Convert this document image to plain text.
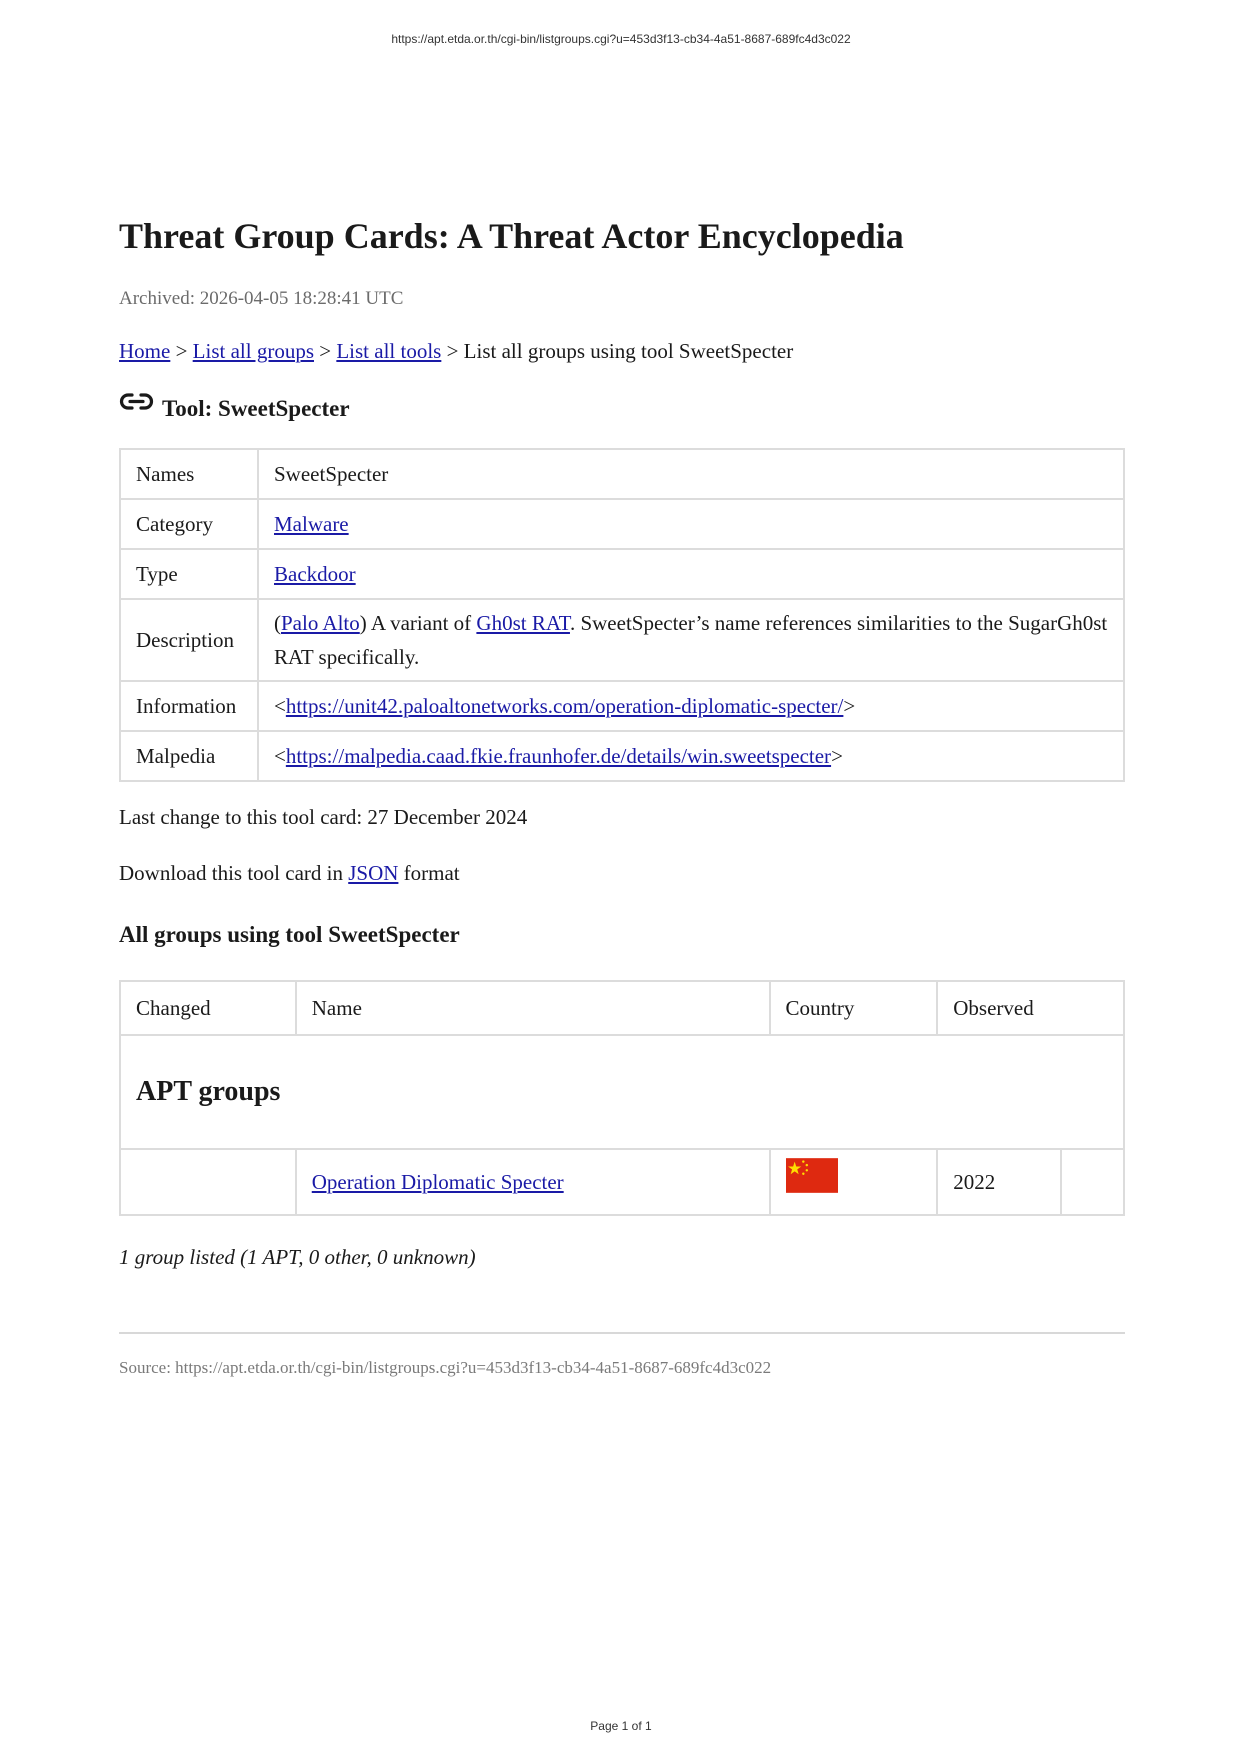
https://apt.etda.or.th/cgi-bin/listgroups.cgi?u=453d3f13-cb34-4a51-8687-689fc4d3c022
Threat Group Cards: A Threat Actor Encyclopedia
Archived: 2026-04-05 18:28:41 UTC
Home > List all groups > List all tools > List all groups using tool SweetSpecter
Tool: SweetSpecter
Names	SweetSpecter
Category	Malware
Type	Backdoor
Description	(Palo Alto) A variant of Gh0st RAT. SweetSpecter’s name references similarities to the SugarGh0st RAT specifically.
Information	<https://unit42.paloaltonetworks.com/operation-diplomatic-specter/>
Malpedia	<https://malpedia.caad.fkie.fraunhofer.de/details/win.sweetspecter>
Last change to this tool card: 27 December 2024
Download this tool card in JSON format
All groups using tool SweetSpecter
Changed	Name	Country	Observed	
APT groups				
	Operation Diplomatic Specter		2022	
1 group listed (1 APT, 0 other, 0 unknown)
Source: https://apt.etda.or.th/cgi-bin/listgroups.cgi?u=453d3f13-cb34-4a51-8687-689fc4d3c022
Page 1 of 1
